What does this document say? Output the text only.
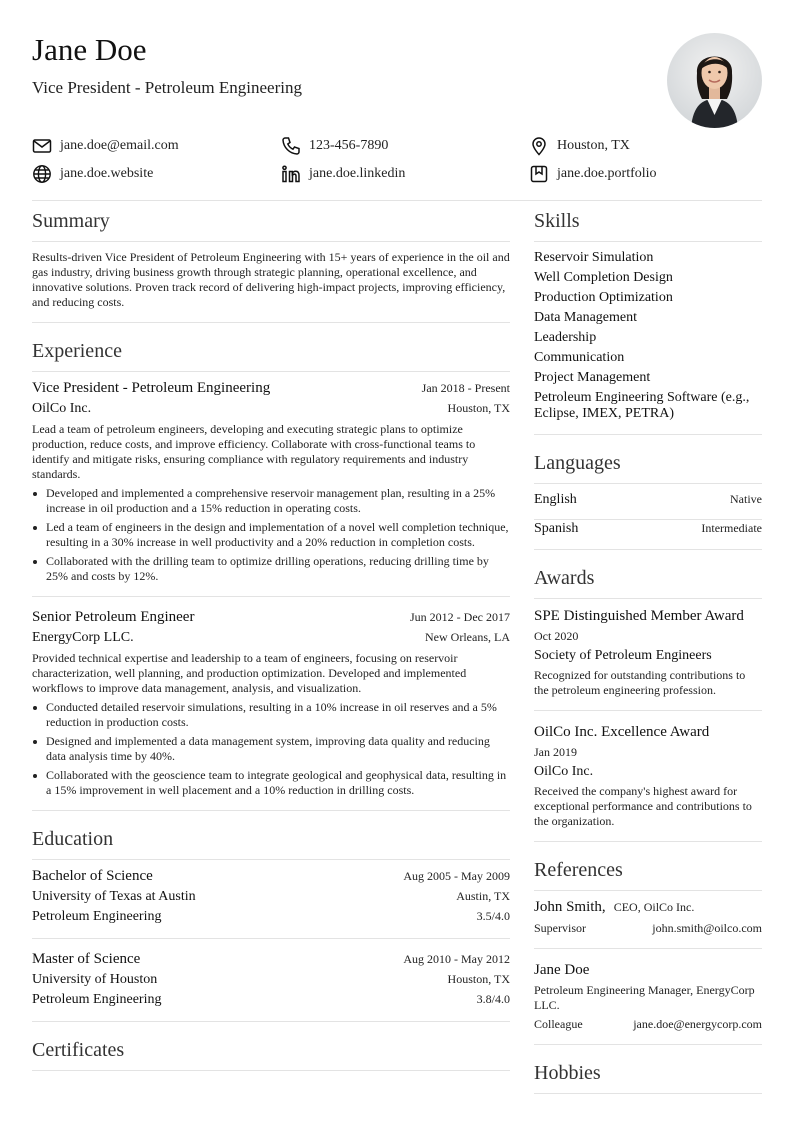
Jane Doe
Vice President - Petroleum Engineering
jane.doe@email.com	123-456-7890	Houston, TX
jane.doe.website	jane.doe.linkedin	jane.doe.portfolio
Summary
Results-driven Vice President of Petroleum Engineering with 15+ years of experience in the oil and gas industry, driving business growth through strategic planning, operational excellence, and innovative solutions. Proven track record of delivering high-impact projects, improving efficiency, and reducing costs.
Experience
Vice President - Petroleum Engineering	Jan 2018 - Present
OilCo Inc.	Houston, TX
Lead a team of petroleum engineers, developing and executing strategic plans to optimize production, reduce costs, and improve efficiency. Collaborate with cross-functional teams to identify and mitigate risks, ensuring compliance with regulatory requirements and industry standards.
Developed and implemented a comprehensive reservoir management plan, resulting in a 25% increase in oil production and a 15% reduction in operating costs.
Led a team of engineers in the design and implementation of a novel well completion technique, resulting in a 30% increase in well productivity and a 20% reduction in completion costs.
Collaborated with the drilling team to optimize drilling operations, reducing drilling time by 25% and costs by 12%.
Senior Petroleum Engineer	Jun 2012 - Dec 2017
EnergyCorp LLC.	New Orleans, LA
Provided technical expertise and leadership to a team of engineers, focusing on reservoir characterization, well planning, and production optimization. Developed and implemented workflows to improve data management, analysis, and visualization.
Conducted detailed reservoir simulations, resulting in a 10% increase in oil reserves and a 5% reduction in production costs.
Designed and implemented a data management system, improving data quality and reducing data analysis time by 40%.
Collaborated with the geoscience team to integrate geological and geophysical data, resulting in a 15% improvement in well placement and a 10% reduction in drilling costs.
Education
Bachelor of Science	Aug 2005 - May 2009
University of Texas at Austin	Austin, TX
Petroleum Engineering	3.5/4.0
Master of Science	Aug 2010 - May 2012
University of Houston	Houston, TX
Petroleum Engineering	3.8/4.0
Certificates
Skills
Reservoir Simulation
Well Completion Design
Production Optimization
Data Management
Leadership
Communication
Project Management
Petroleum Engineering Software (e.g., Eclipse, IMEX, PETRA)
Languages
English	Native
Spanish	Intermediate
Awards
SPE Distinguished Member Award
Oct 2020
Society of Petroleum Engineers
Recognized for outstanding contributions to the petroleum engineering profession.
OilCo Inc. Excellence Award
Jan 2019
OilCo Inc.
Received the company's highest award for exceptional performance and contributions to the organization.
References
John Smith, CEO, OilCo Inc.
Supervisor	john.smith@oilco.com
Jane Doe
Petroleum Engineering Manager, EnergyCorp LLC.
Colleague	jane.doe@energycorp.com
Hobbies
